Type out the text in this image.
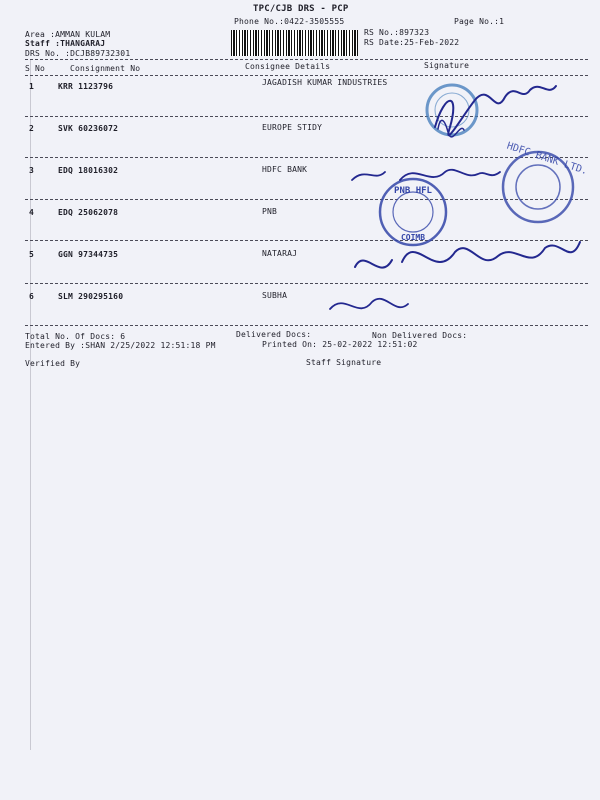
TPC/CJB DRS - PCP
Phone No.:0422-3505555	Page No.:1
RS No.:897323
RS Date:25-Feb-2022
Area :AMMAN KULAM
Staff :THANGARAJ
DRS No. :DCJB89732301
S No	Consignment No	Consignee Details	Signature
1	KRR 1123796	JAGADISH KUMAR INDUSTRIES
2	SVK 60236072	EUROPE STIDY
3	EDQ 18016302	HDFC BANK
4	EDQ 25062078	PNB
5	GGN 97344735	NATARAJ
6	SLM 290295160	SUBHA
Total No. Of Docs: 6	Delivered Docs:	Non Delivered Docs:
Entered By :SHAN 2/25/2022 12:51:18 PM	Printed On: 25-02-2022 12:51:02
Verified By	Staff Signature
HDFC BANK LTD.
PNB HFL
COIMB
